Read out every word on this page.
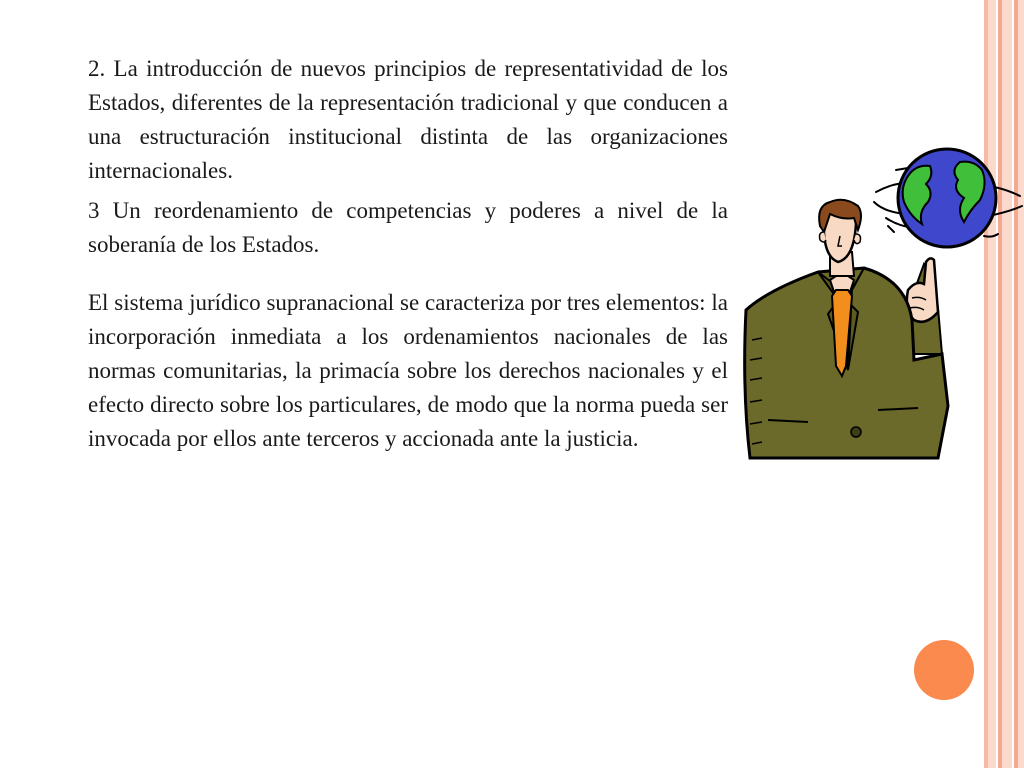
2. La introducción de nuevos principios de representatividad de los Estados, diferentes de la representación tradicional y que conducen a una estructuración institucional distinta de las organizaciones internacionales.

3 Un reordenamiento de competencias y poderes a nivel de la soberanía de los Estados.

El sistema jurídico supranacional se caracteriza por tres elementos: la incorporación inmediata a los ordenamientos nacionales de las normas comunitarias, la primacía sobre los derechos nacionales y el efecto directo sobre los particulares, de modo que la norma pueda ser invocada por ellos ante terceros y accionada ante la justicia.
